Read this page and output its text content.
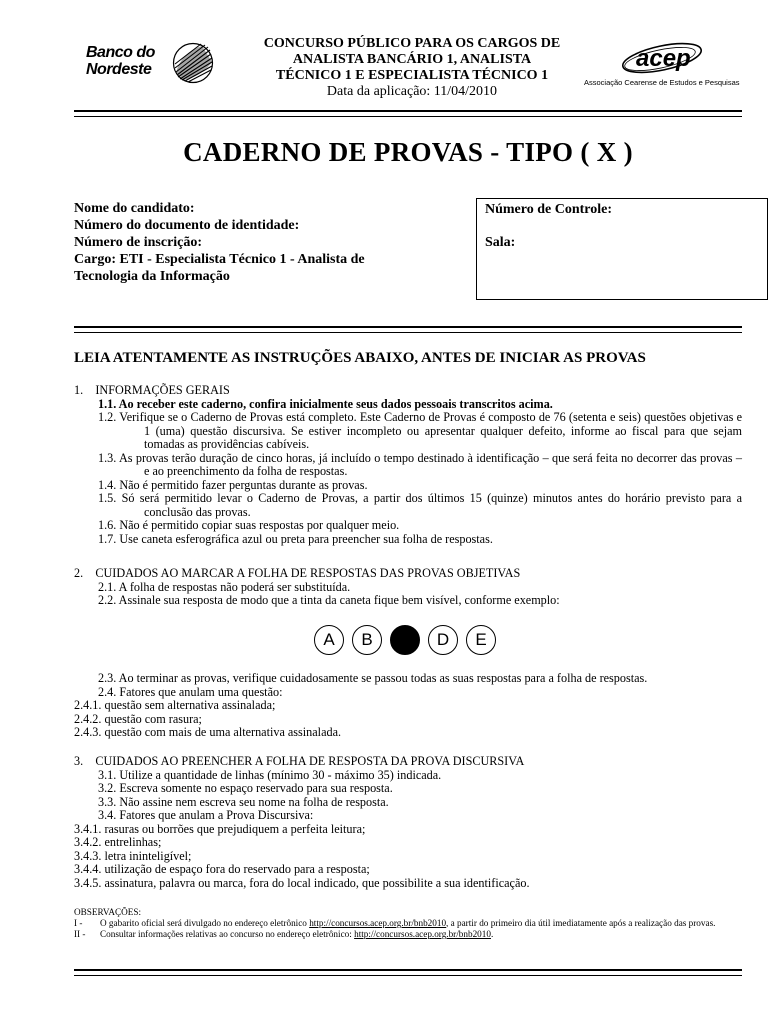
Banco do
Nordeste
CONCURSO PÚBLICO PARA OS CARGOS DE
ANALISTA BANCÁRIO 1, ANALISTA
TÉCNICO 1 E ESPECIALISTA TÉCNICO 1
Data da aplicação: 11/04/2010
acep
Associação Cearense de Estudos e Pesquisas
CADERNO DE PROVAS - TIPO ( X )
Nome do candidato:
Número do documento de identidade:
Número de inscrição:
Cargo: ETI - Especialista Técnico 1 - Analista de
Tecnologia da Informação
Número de Controle:
Sala:
LEIA ATENTAMENTE AS INSTRUÇÕES ABAIXO, ANTES DE INICIAR AS PROVAS
1.    INFORMAÇÕES GERAIS
1.1. Ao receber este caderno, confira inicialmente seus dados pessoais transcritos acima.
1.2. Verifique se o Caderno de Provas está completo. Este Caderno de Provas é composto de 76 (setenta e seis) questões objetivas e 1 (uma) questão discursiva. Se estiver incompleto ou apresentar qualquer defeito, informe ao fiscal para que sejam tomadas as providências cabíveis.
1.3. As provas terão duração de cinco horas, já incluído o tempo destinado à identificação – que será feita no decorrer das provas – e ao preenchimento da folha de respostas.
1.4. Não é permitido fazer perguntas durante as provas.
1.5. Só será permitido levar o Caderno de Provas, a partir dos últimos 15 (quinze) minutos antes do horário previsto para a conclusão das provas.
1.6. Não é permitido copiar suas respostas por qualquer meio.
1.7. Use caneta esferográfica azul ou preta para preencher sua folha de respostas.
2.    CUIDADOS AO MARCAR A FOLHA DE RESPOSTAS DAS PROVAS OBJETIVAS
2.1. A folha de respostas não poderá ser substituída.
2.2. Assinale sua resposta de modo que a tinta da caneta fique bem visível, conforme exemplo:
A	B	D	E
2.3. Ao terminar as provas, verifique cuidadosamente se passou todas as suas respostas para a folha de respostas.
2.4. Fatores que anulam uma questão:
2.4.1. questão sem alternativa assinalada;
2.4.2. questão com rasura;
2.4.3. questão com mais de uma alternativa assinalada.
3.    CUIDADOS AO PREENCHER A FOLHA DE RESPOSTA DA PROVA DISCURSIVA
3.1. Utilize a quantidade de linhas (mínimo 30 - máximo 35) indicada.
3.2. Escreva somente no espaço reservado para sua resposta.
3.3. Não assine nem escreva seu nome na folha de resposta.
3.4. Fatores que anulam a Prova Discursiva:
3.4.1. rasuras ou borrões que prejudiquem a perfeita leitura;
3.4.2. entrelinhas;
3.4.3. letra ininteligível;
3.4.4. utilização de espaço fora do reservado para a resposta;
3.4.5. assinatura, palavra ou marca, fora do local indicado, que possibilite a sua identificação.
OBSERVAÇÕES:
I -	O gabarito oficial será divulgado no endereço eletrônico http://concursos.acep.org.br/bnb2010, a partir do primeiro dia útil imediatamente após a realização das provas.
II -	Consultar informações relativas ao concurso no endereço eletrônico: http://concursos.acep.org.br/bnb2010.
